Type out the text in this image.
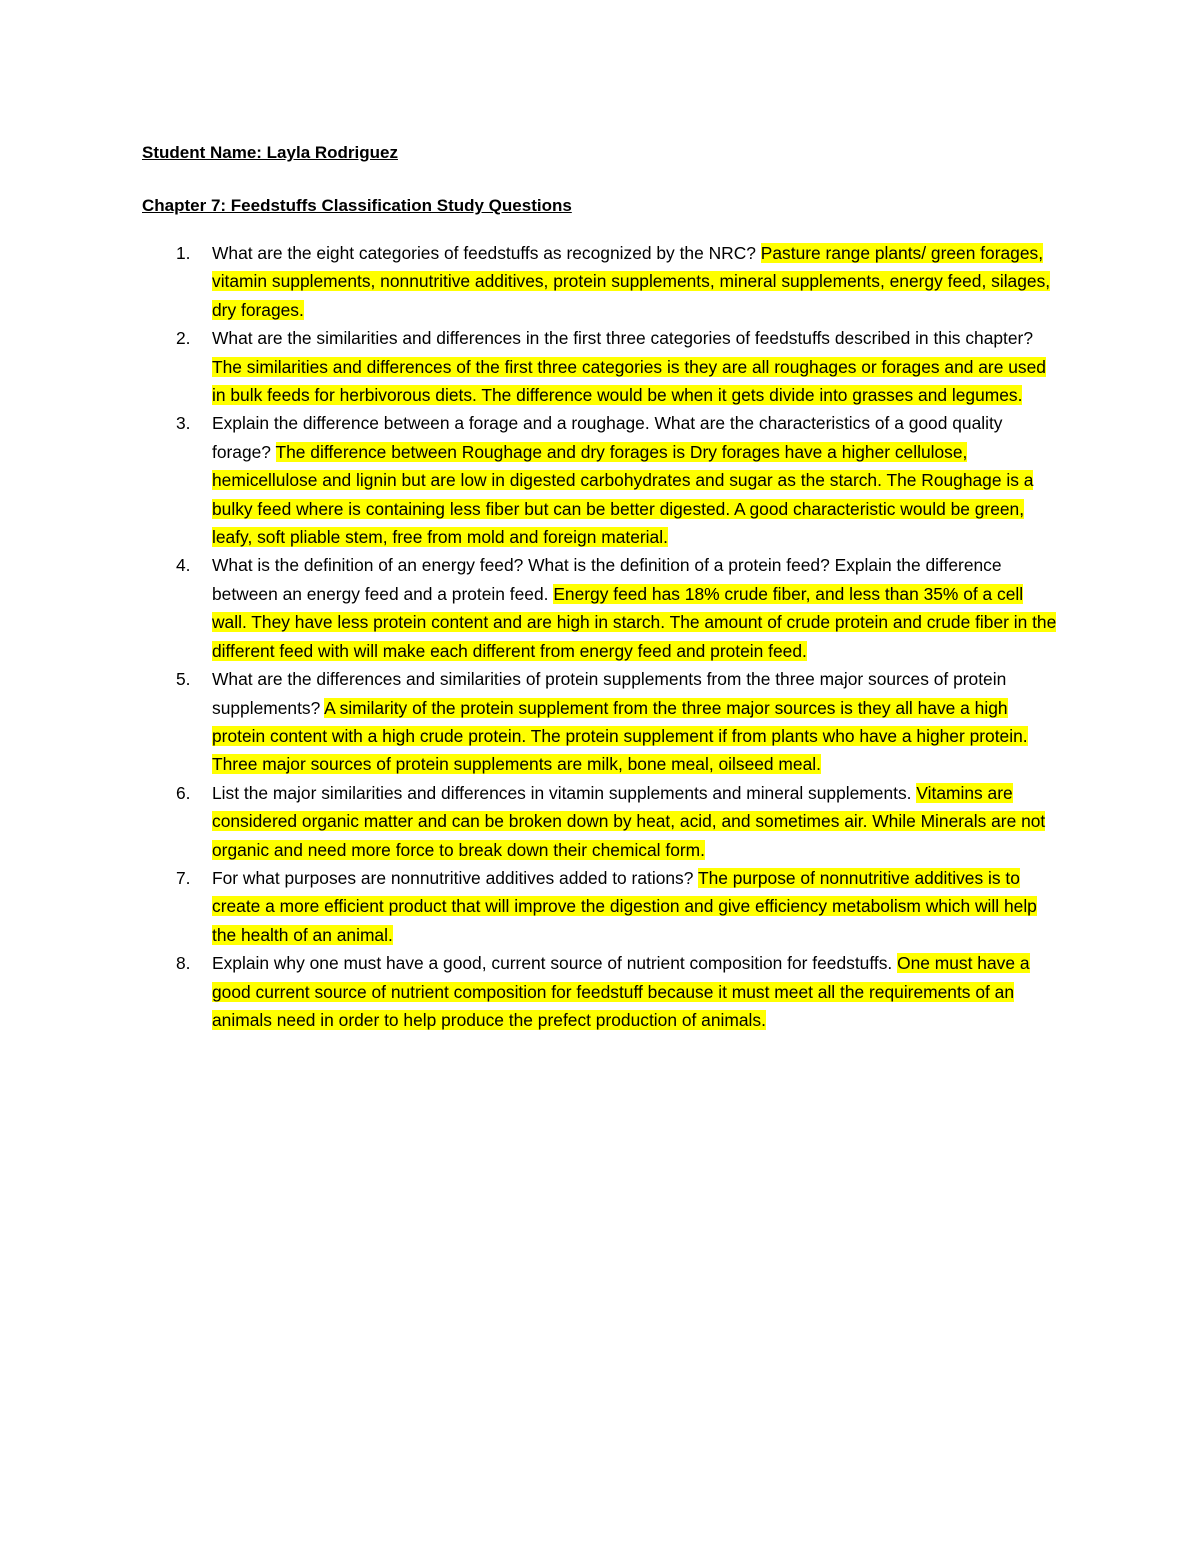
Student Name: Layla Rodriguez
Chapter 7: Feedstuffs Classification Study Questions
1. What are the eight categories of feedstuffs as recognized by the NRC? Pasture range plants/ green forages, vitamin supplements, nonnutritive additives, protein supplements, mineral supplements, energy feed, silages, dry forages.
2. What are the similarities and differences in the first three categories of feedstuffs described in this chapter? The similarities and differences of the first three categories is they are all roughages or forages and are used in bulk feeds for herbivorous diets. The difference would be when it gets divide into grasses and legumes.
3. Explain the difference between a forage and a roughage. What are the characteristics of a good quality forage? The difference between Roughage and dry forages is Dry forages have a higher cellulose, hemicellulose and lignin but are low in digested carbohydrates and sugar as the starch. The Roughage is a bulky feed where is containing less fiber but can be better digested. A good characteristic would be green, leafy, soft pliable stem, free from mold and foreign material.
4. What is the definition of an energy feed? What is the definition of a protein feed? Explain the difference between an energy feed and a protein feed. Energy feed has 18% crude fiber, and less than 35% of a cell wall. They have less protein content and are high in starch. The amount of crude protein and crude fiber in the different feed with will make each different from energy feed and protein feed.
5. What are the differences and similarities of protein supplements from the three major sources of protein supplements? A similarity of the protein supplement from the three major sources is they all have a high protein content with a high crude protein. The protein supplement if from plants who have a higher protein. Three major sources of protein supplements are milk, bone meal, oilseed meal.
6. List the major similarities and differences in vitamin supplements and mineral supplements. Vitamins are considered organic matter and can be broken down by heat, acid, and sometimes air. While Minerals are not organic and need more force to break down their chemical form.
7. For what purposes are nonnutritive additives added to rations? The purpose of nonnutritive additives is to create a more efficient product that will improve the digestion and give efficiency metabolism which will help the health of an animal.
8. Explain why one must have a good, current source of nutrient composition for feedstuffs. One must have a good current source of nutrient composition for feedstuff because it must meet all the requirements of an animals need in order to help produce the prefect production of animals.
